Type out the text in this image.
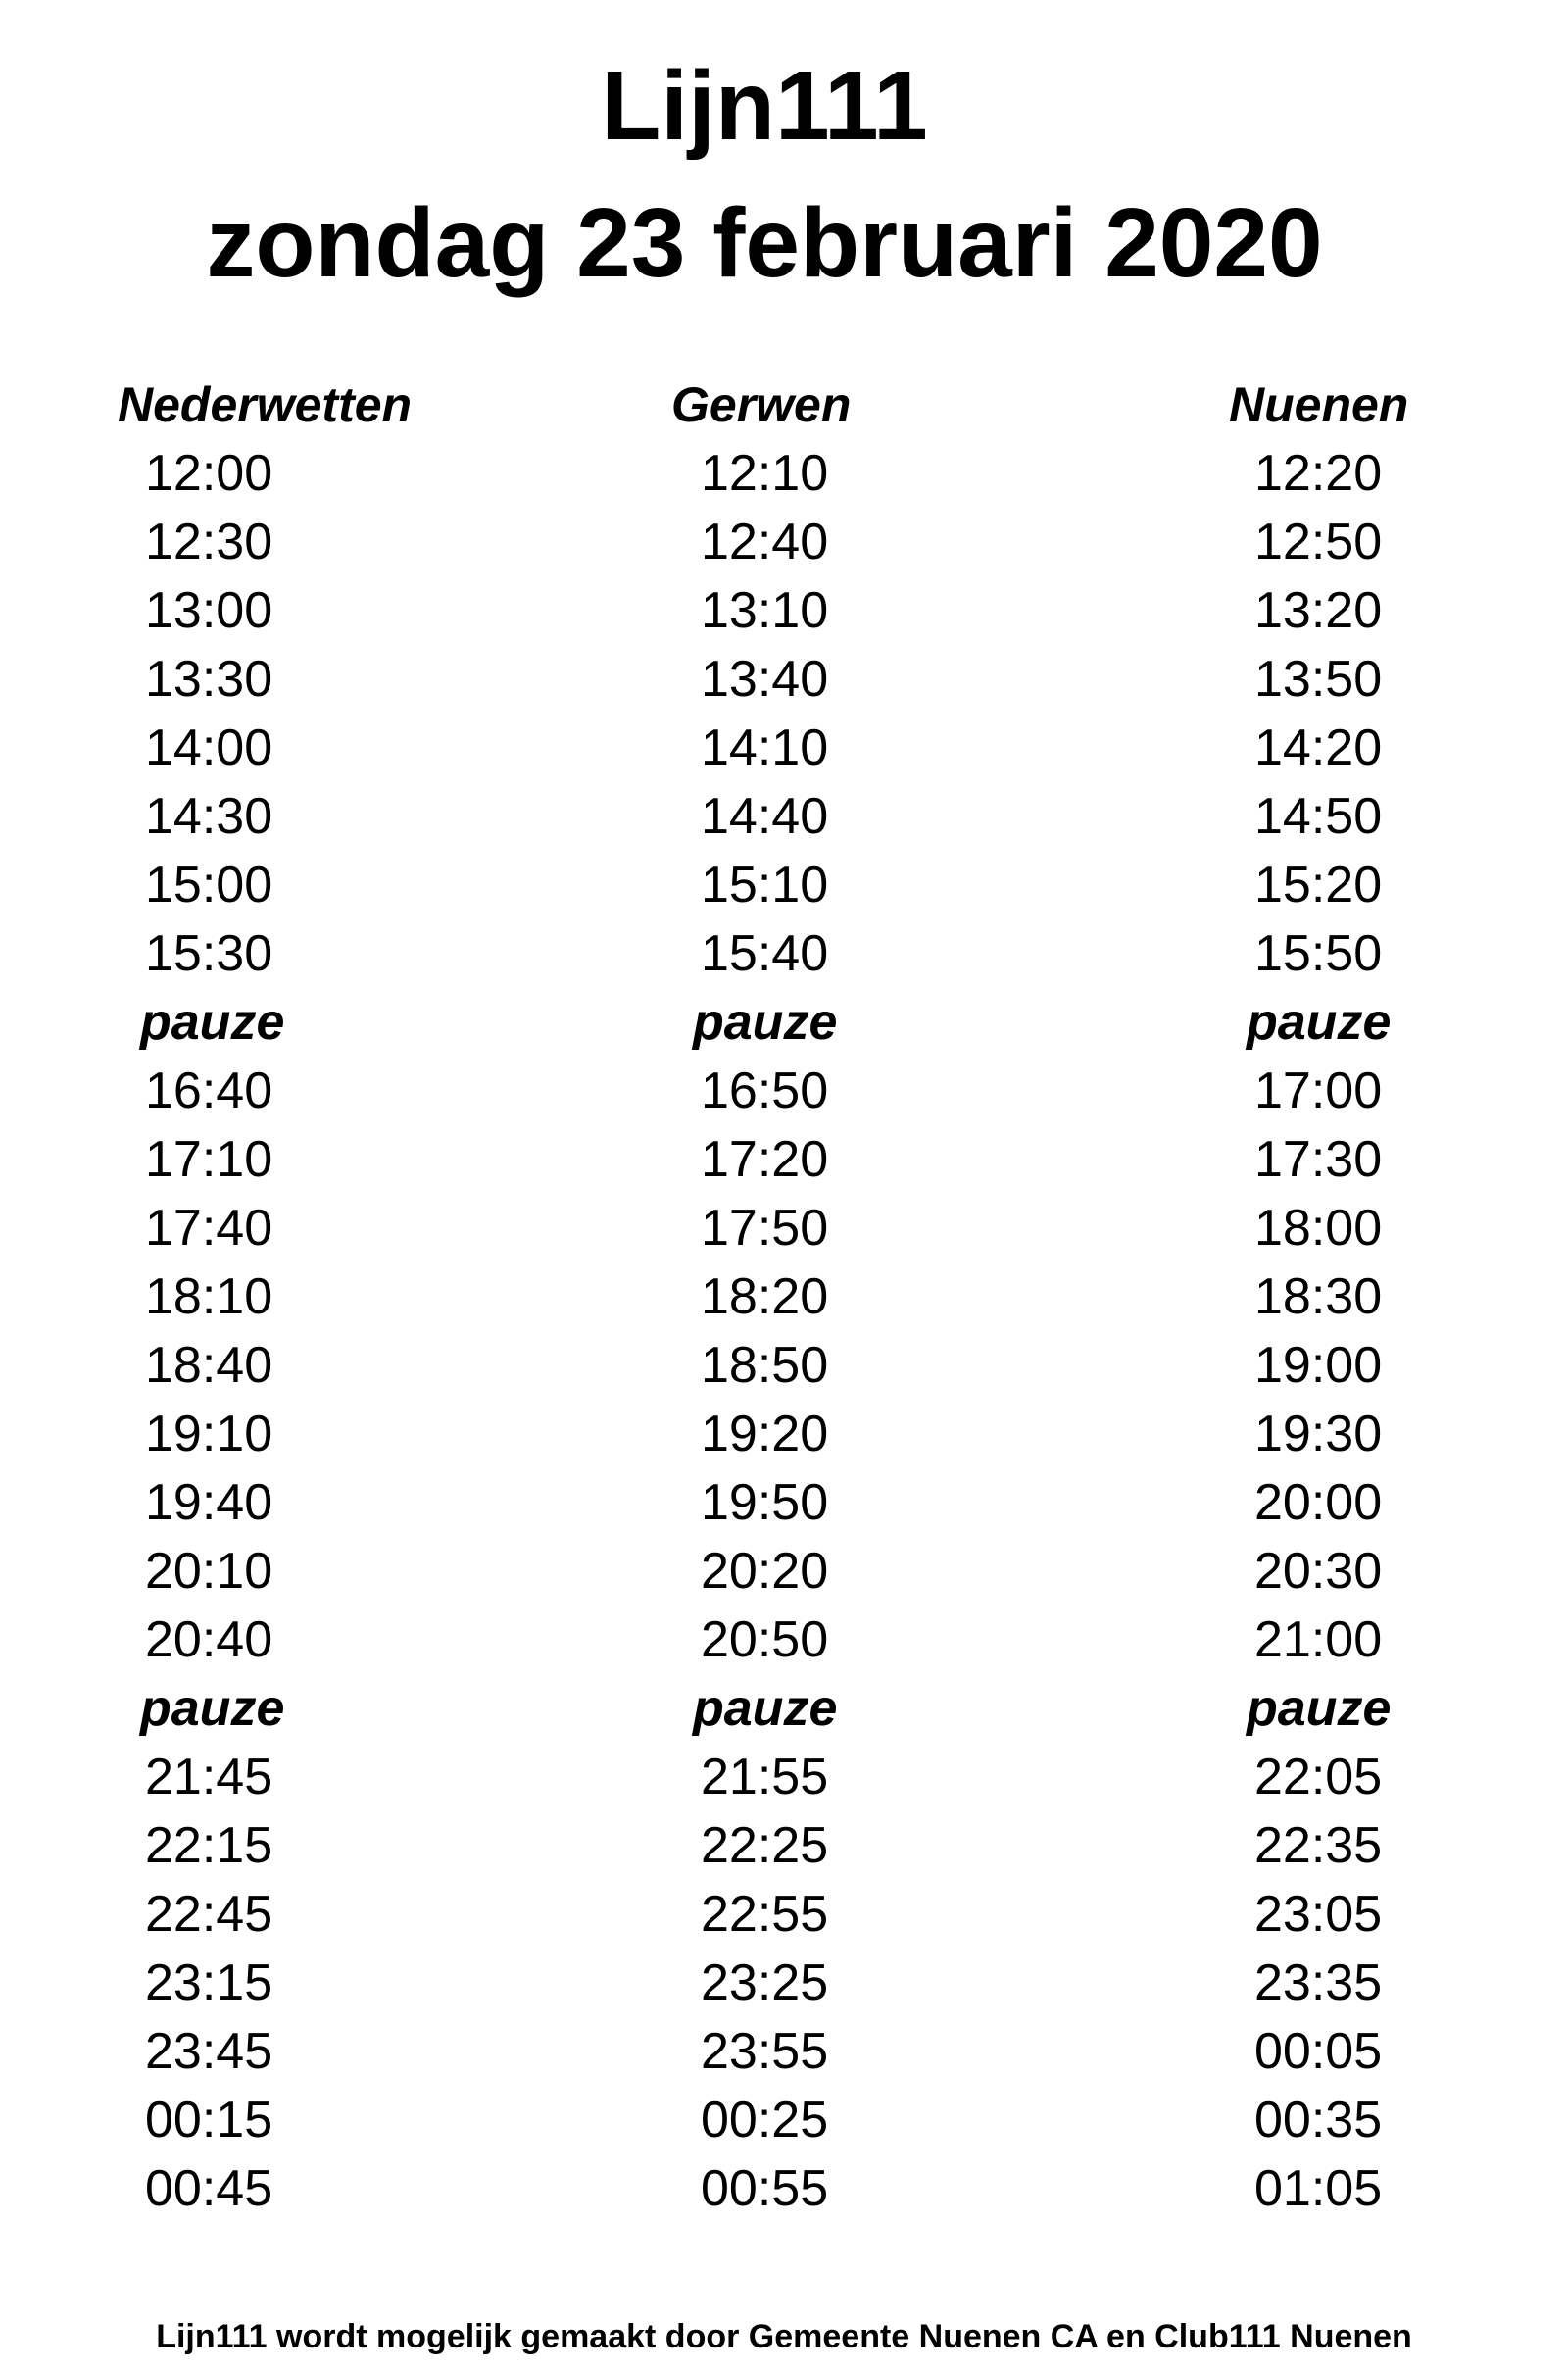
Lijn111
zondag 23 februari 2020
Nederwetten
12:00
12:30
13:00
13:30
14:00
14:30
15:00
15:30
pauze
16:40
17:10
17:40
18:10
18:40
19:10
19:40
20:10
20:40
pauze
21:45
22:15
22:45
23:15
23:45
00:15
00:45
Gerwen
12:10
12:40
13:10
13:40
14:10
14:40
15:10
15:40
pauze
16:50
17:20
17:50
18:20
18:50
19:20
19:50
20:20
20:50
pauze
21:55
22:25
22:55
23:25
23:55
00:25
00:55
Nuenen
12:20
12:50
13:20
13:50
14:20
14:50
15:20
15:50
pauze
17:00
17:30
18:00
18:30
19:00
19:30
20:00
20:30
21:00
pauze
22:05
22:35
23:05
23:35
00:05
00:35
01:05
Lijn111 wordt mogelijk gemaakt door Gemeente Nuenen CA en Club111 Nuenen
